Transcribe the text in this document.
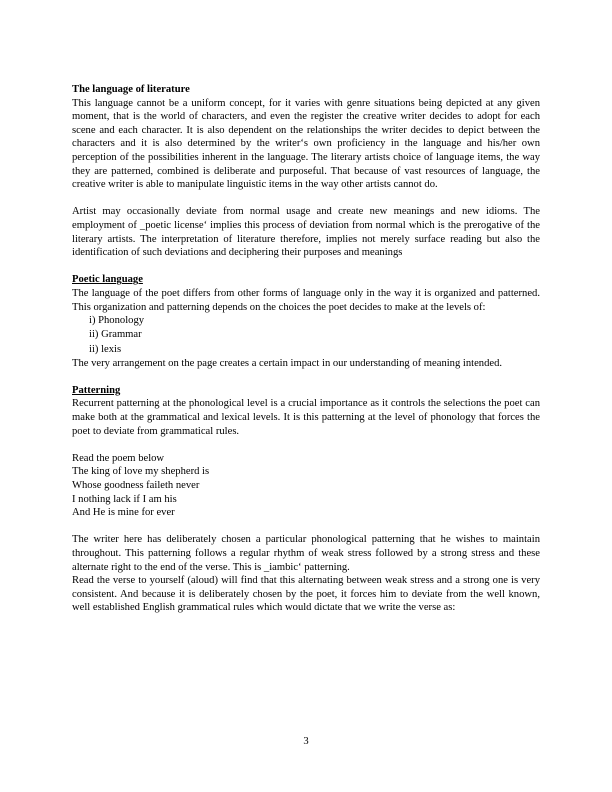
The language of literature

This language cannot be a uniform concept, for it varies with genre situations being depicted at any given moment, that is the world of characters, and even the register the creative writer decides to adopt for each scene and each character. It is also dependent on the relationships the writer decides to depict between the characters and it is also determined by the writer‘s own proficiency in the language and his/her own perception of the possibilities inherent in the language. The literary artists choice of language items, the way they are patterned, combined is deliberate and purposeful. That because of vast resources of language, the creative writer is able to manipulate linguistic items in the way other artists cannot do.

Artist may occasionally deviate from normal usage and create new meanings and new idioms. The employment of _poetic license‘ implies this process of deviation from normal which is the prerogative of the literary artists. The interpretation of literature therefore, implies not merely surface reading but also the identification of such deviations and deciphering their purposes and meanings

Poetic language

The language of the poet differs from other forms of language only in the way it is organized and patterned. This organization and patterning depends on the choices the poet decides to make at the levels of:

i) Phonology
ii) Grammar
ii) lexis

The very arrangement on the page creates a certain impact in our understanding of meaning intended.

Patterning

Recurrent patterning at the phonological level is a crucial importance as it controls the selections the poet can make both at the grammatical and lexical levels. It is this patterning at the level of phonology that forces the poet to deviate from grammatical rules.

Read the poem below

The king of love my shepherd is

Whose goodness faileth never

I nothing lack if I am his

And He is mine for ever

The writer here has deliberately chosen a particular phonological patterning that he wishes to maintain throughout. This patterning follows a regular rhythm of weak stress followed by a strong stress and these alternate right to the end of the verse. This is _iambic‘ patterning.

Read the verse to yourself (aloud) will find that this alternating between weak stress and a strong one is very consistent. And because it is deliberately chosen by the poet, it forces him to deviate from the well known, well established English grammatical rules which would dictate that we write the verse as:

3
